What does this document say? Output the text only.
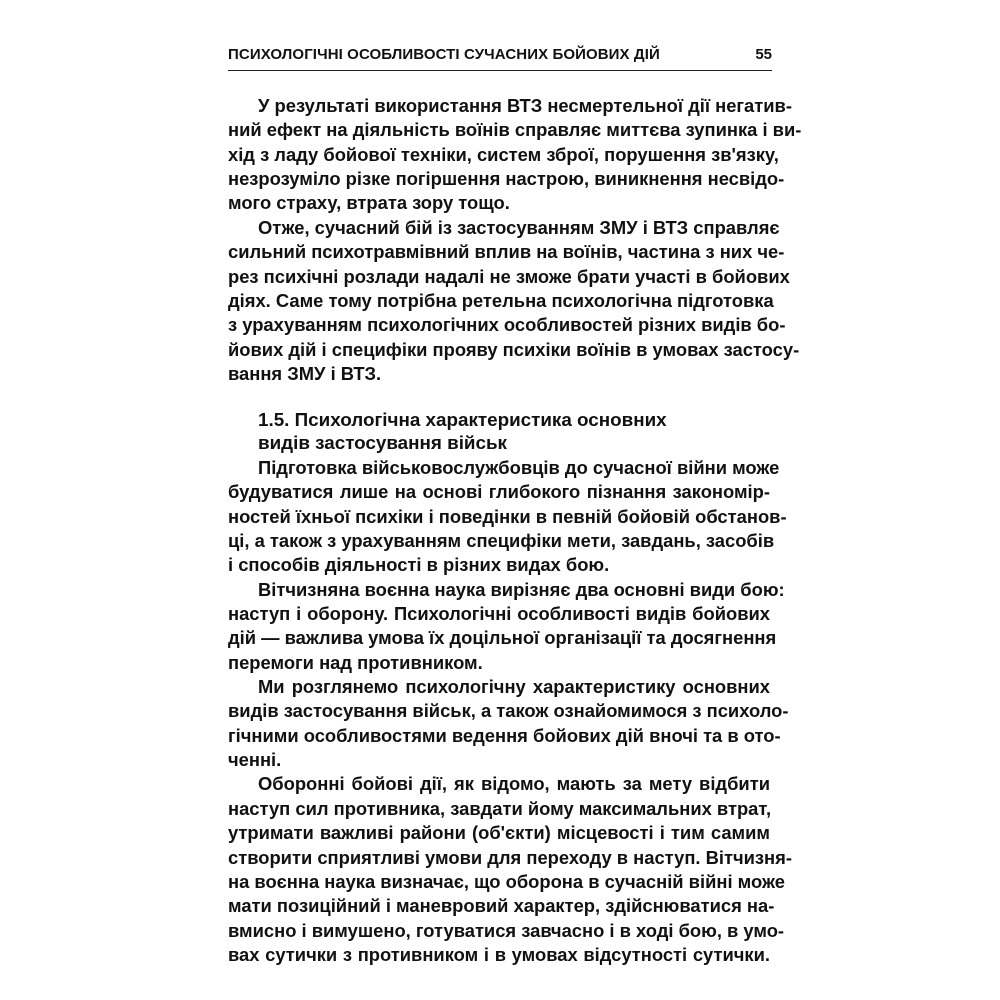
ПСИХОЛОГІЧНІ ОСОБЛИВОСТІ СУЧАСНИХ БОЙОВИХ ДІЙ	55
У результаті використання ВТЗ несмертельної дії негатив-
ний ефект на діяльність воїнів справляє миттєва зупинка і ви-
хід з ладу бойової техніки, систем зброї, порушення зв'язку,
незрозуміло різке погіршення настрою, виникнення несвідо-
мого страху, втрата зору тощо.
Отже, сучасний бій із застосуванням ЗМУ і ВТЗ справляє
сильний психотравмівний вплив на воїнів, частина з них че-
рез психічні розлади надалі не зможе брати участі в бойових
діях. Саме тому потрібна ретельна психологічна підготовка
з урахуванням психологічних особливостей різних видів бо-
йових дій і специфіки прояву психіки воїнів в умовах застосу-
вання ЗМУ і ВТЗ.
1.5. Психологічна характеристика основних
видів застосування військ
Підготовка військовослужбовців до сучасної війни може
будуватися лише на основі глибокого пізнання закономір-
ностей їхньої психіки і поведінки в певній бойовій обстанов-
ці, а також з урахуванням специфіки мети, завдань, засобів
і способів діяльності в різних видах бою.
Вітчизняна воєнна наука вирізняє два основні види бою:
наступ і оборону. Психологічні особливості видів бойових
дій — важлива умова їх доцільної організації та досягнення
перемоги над противником.
Ми розглянемо психологічну характеристику основних
видів застосування військ, а також ознайомимося з психоло-
гічними особливостями ведення бойових дій вночі та в ото-
ченні.
Оборонні бойові дії, як відомо, мають за мету відбити
наступ сил противника, завдати йому максимальних втрат,
утримати важливі райони (об'єкти) місцевості і тим самим
створити сприятливі умови для переходу в наступ. Вітчизня-
на воєнна наука визначає, що оборона в сучасній війні може
мати позиційний і маневровий характер, здійснюватися на-
вмисно і вимушено, готуватися завчасно і в ході бою, в умо-
вах сутички з противником і в умовах відсутності сутички.
